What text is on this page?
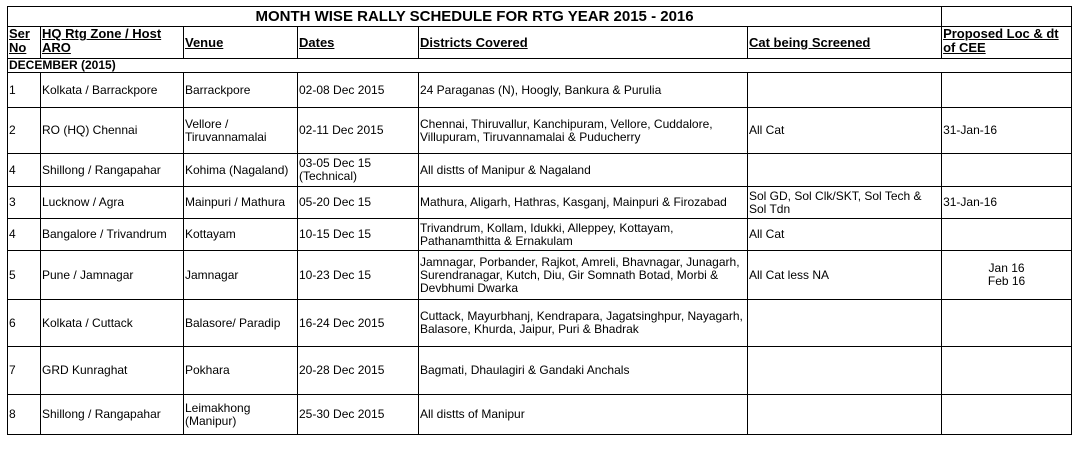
MONTH WISE RALLY SCHEDULE FOR RTG YEAR 2015 - 2016						
Ser
No	HQ Rtg Zone / Host ARO	Venue	Dates	Districts Covered	Cat being Screened	Proposed Loc & dt of CEE
DECEMBER (2015)						
1	Kolkata / Barrackpore	Barrackpore	02-08 Dec 2015	24 Paraganas (N), Hoogly, Bankura & Purulia		
2	RO (HQ) Chennai	Vellore / Tiruvannamalai	02-11 Dec 2015	Chennai, Thiruvallur, Kanchipuram, Vellore, Cuddalore, Villupuram, Tiruvannamalai & Puducherry	All Cat	31-Jan-16
4	Shillong / Rangapahar	Kohima (Nagaland)	03-05 Dec 15 (Technical)	All distts of Manipur & Nagaland		
3	Lucknow / Agra	Mainpuri / Mathura	05-20 Dec 15	Mathura, Aligarh, Hathras, Kasganj, Mainpuri & Firozabad	Sol GD, Sol Clk/SKT, Sol Tech & Sol Tdn	31-Jan-16
4	Bangalore / Trivandrum	Kottayam	10-15 Dec 15	Trivandrum, Kollam, Idukki, Alleppey, Kottayam, Pathanamthitta & Ernakulam	All Cat	
5	Pune / Jamnagar	Jamnagar	10-23 Dec 15	Jamnagar, Porbander, Rajkot, Amreli, Bhavnagar, Junagarh, Surendranagar, Kutch, Diu, Gir Somnath Botad, Morbi & Devbhumi Dwarka	All Cat less NA	Jan 16
Feb 16
6	Kolkata / Cuttack	Balasore/ Paradip	16-24 Dec 2015	Cuttack, Mayurbhanj, Kendrapara, Jagatsinghpur, Nayagarh, Balasore, Khurda, Jaipur, Puri & Bhadrak		
7	GRD Kunraghat	Pokhara	20-28 Dec 2015	Bagmati, Dhaulagiri & Gandaki Anchals		
8	Shillong / Rangapahar	Leimakhong (Manipur)	25-30 Dec 2015	All distts of Manipur		
